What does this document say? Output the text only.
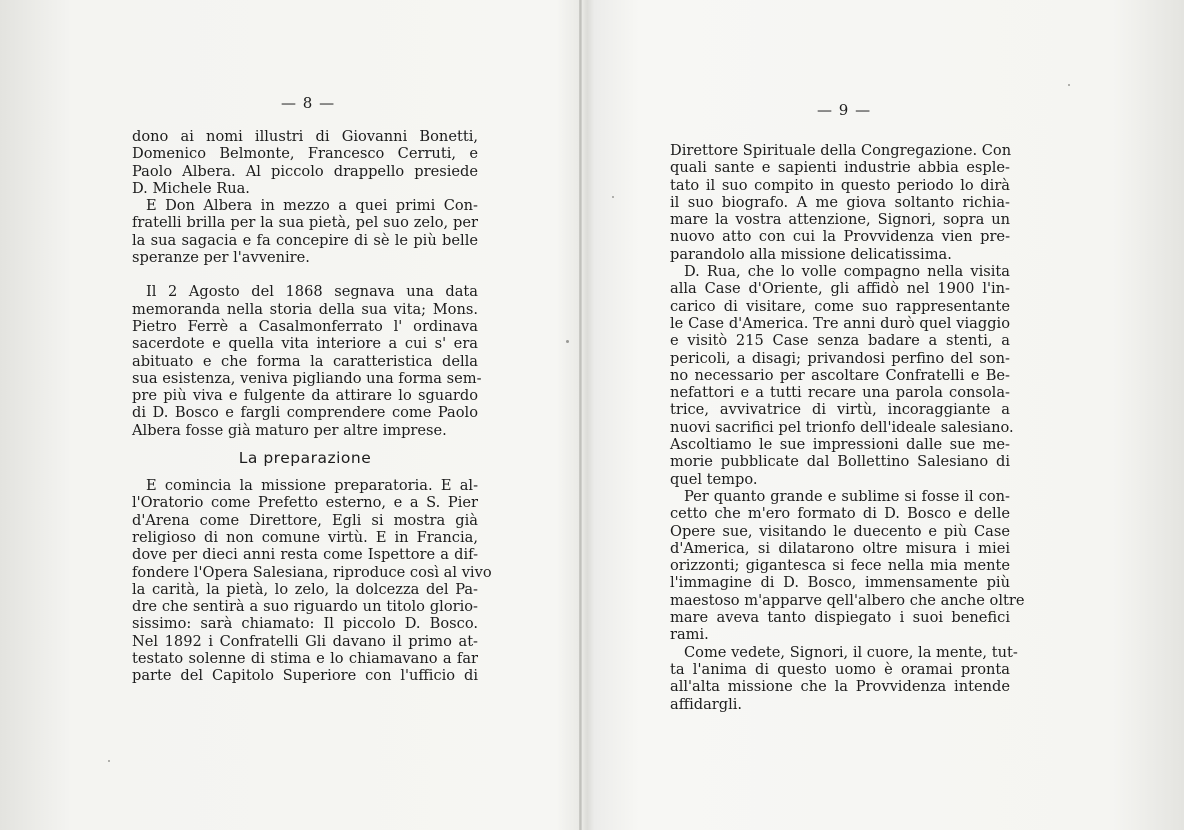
— 8 —

dono ai nomi illustri di Giovanni Bonetti,
Domenico Belmonte, Francesco Cerruti, e
Paolo Albera. Al piccolo drappello presiede
D. Michele Rua.
E Don Albera in mezzo a quei primi Con-
fratelli brilla per la sua pietà, pel suo zelo, per
la sua sagacia e fa concepire di sè le più belle
speranze per l'avvenire.
Il 2 Agosto del 1868 segnava una data
memoranda nella storia della sua vita; Mons.
Pietro Ferrè a Casalmonferrato l' ordinava
sacerdote e quella vita interiore a cui s' era
abituato e che forma la caratteristica della
sua esistenza, veniva pigliando una forma sem-
pre più viva e fulgente da attirare lo sguardo
di D. Bosco e fargli comprendere come Paolo
Albera fosse già maturo per altre imprese.
La preparazione
E comincia la missione preparatoria. E al-
l'Oratorio come Prefetto esterno, e a S. Pier
d'Arena come Direttore, Egli si mostra già
religioso di non comune virtù. E in Francia,
dove per dieci anni resta come Ispettore a dif-
fondere l'Opera Salesiana, riproduce così al vivo
la carità, la pietà, lo zelo, la dolcezza del Pa-
dre che sentirà a suo riguardo un titolo glorio-
sissimo: sarà chiamato: Il piccolo D. Bosco.
Nel 1892 i Confratelli Gli davano il primo at-
testato solenne di stima e lo chiamavano a far
parte del Capitolo Superiore con l'ufficio di

— 9 —

Direttore Spirituale della Congregazione. Con
quali sante e sapienti industrie abbia esple-
tato il suo compito in questo periodo lo dirà
il suo biografo. A me giova soltanto richia-
mare la vostra attenzione, Signori, sopra un
nuovo atto con cui la Provvidenza vien pre-
parandolo alla missione delicatissima.
D. Rua, che lo volle compagno nella visita
alla Case d'Oriente, gli affidò nel 1900 l'in-
carico di visitare, come suo rappresentante
le Case d'America. Tre anni durò quel viaggio
e visitò 215 Case senza badare a stenti, a
pericoli, a disagi; privandosi perfino del son-
no necessario per ascoltare Confratelli e Be-
nefattori e a tutti recare una parola consola-
trice, avvivatrice di virtù, incoraggiante a
nuovi sacrifici pel trionfo dell'ideale salesiano.
Ascoltiamo le sue impressioni dalle sue me-
morie pubblicate dal Bollettino Salesiano di
quel tempo.
Per quanto grande e sublime si fosse il con-
cetto che m'ero formato di D. Bosco e delle
Opere sue, visitando le duecento e più Case
d'America, si dilatarono oltre misura i miei
orizzonti; gigantesca si fece nella mia mente
l'immagine di D. Bosco, immensamente più
maestoso m'apparve qell'albero che anche oltre
mare aveva tanto dispiegato i suoi benefici
rami.
Come vedete, Signori, il cuore, la mente, tut-
ta l'anima di questo uomo è oramai pronta
all'alta missione che la Provvidenza intende
affidargli.
